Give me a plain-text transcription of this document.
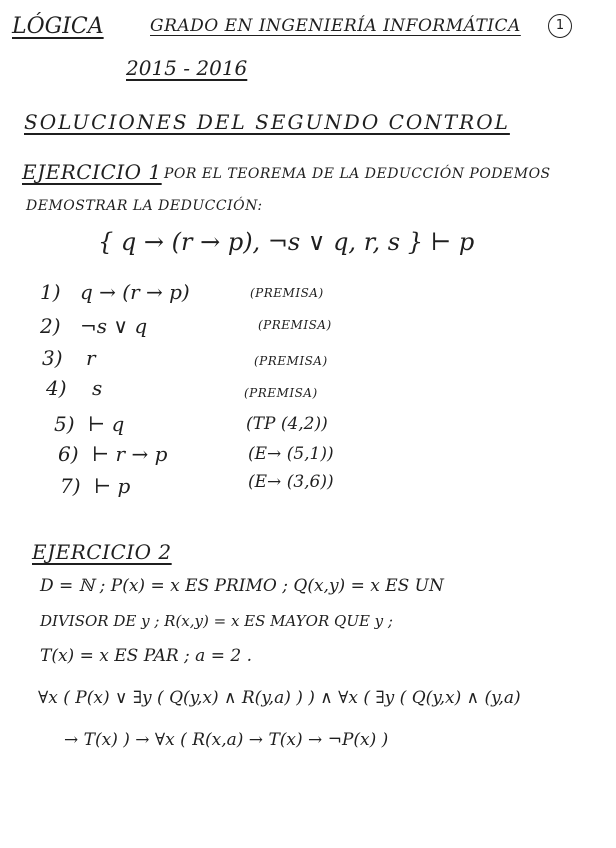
LÓGICA	GRADO EN INGENIERÍA INFORMÁTICA	1
2015 - 2016
SOLUCIONES DEL SEGUNDO CONTROL
EJERCICIO 1 POR EL TEOREMA DE LA DEDUCCIÓN PODEMOS
DEMOSTRAR LA DEDUCCIÓN:
{ q → (r → p), ¬s ∨ q, r, s } ⊢ p
1) q → (r → p)	(PREMISA)
2) ¬s ∨ q	(PREMISA)
3) r	(PREMISA)
4) s	(PREMISA)
5) ⊢ q	(TP (4,2))
6) ⊢ r → p	(E→ (5,1))
7) ⊢ p	(E→ (3,6))
EJERCICIO 2
D = ℕ ; P(x) = x ES PRIMO ; Q(x,y) = x ES UN
DIVISOR DE y ; R(x,y) = x ES MAYOR QUE y ;
T(x) = x ES PAR ; a = 2 .
∀x ( P(x) ∨ ∃y ( Q(y,x) ∧ R(y,a) ) ) ∧ ∀x ( ∃y ( Q(y,x) ∧ (y,a)
→ T(x) ) → ∀x ( R(x,a) → T(x) → ¬P(x) )
